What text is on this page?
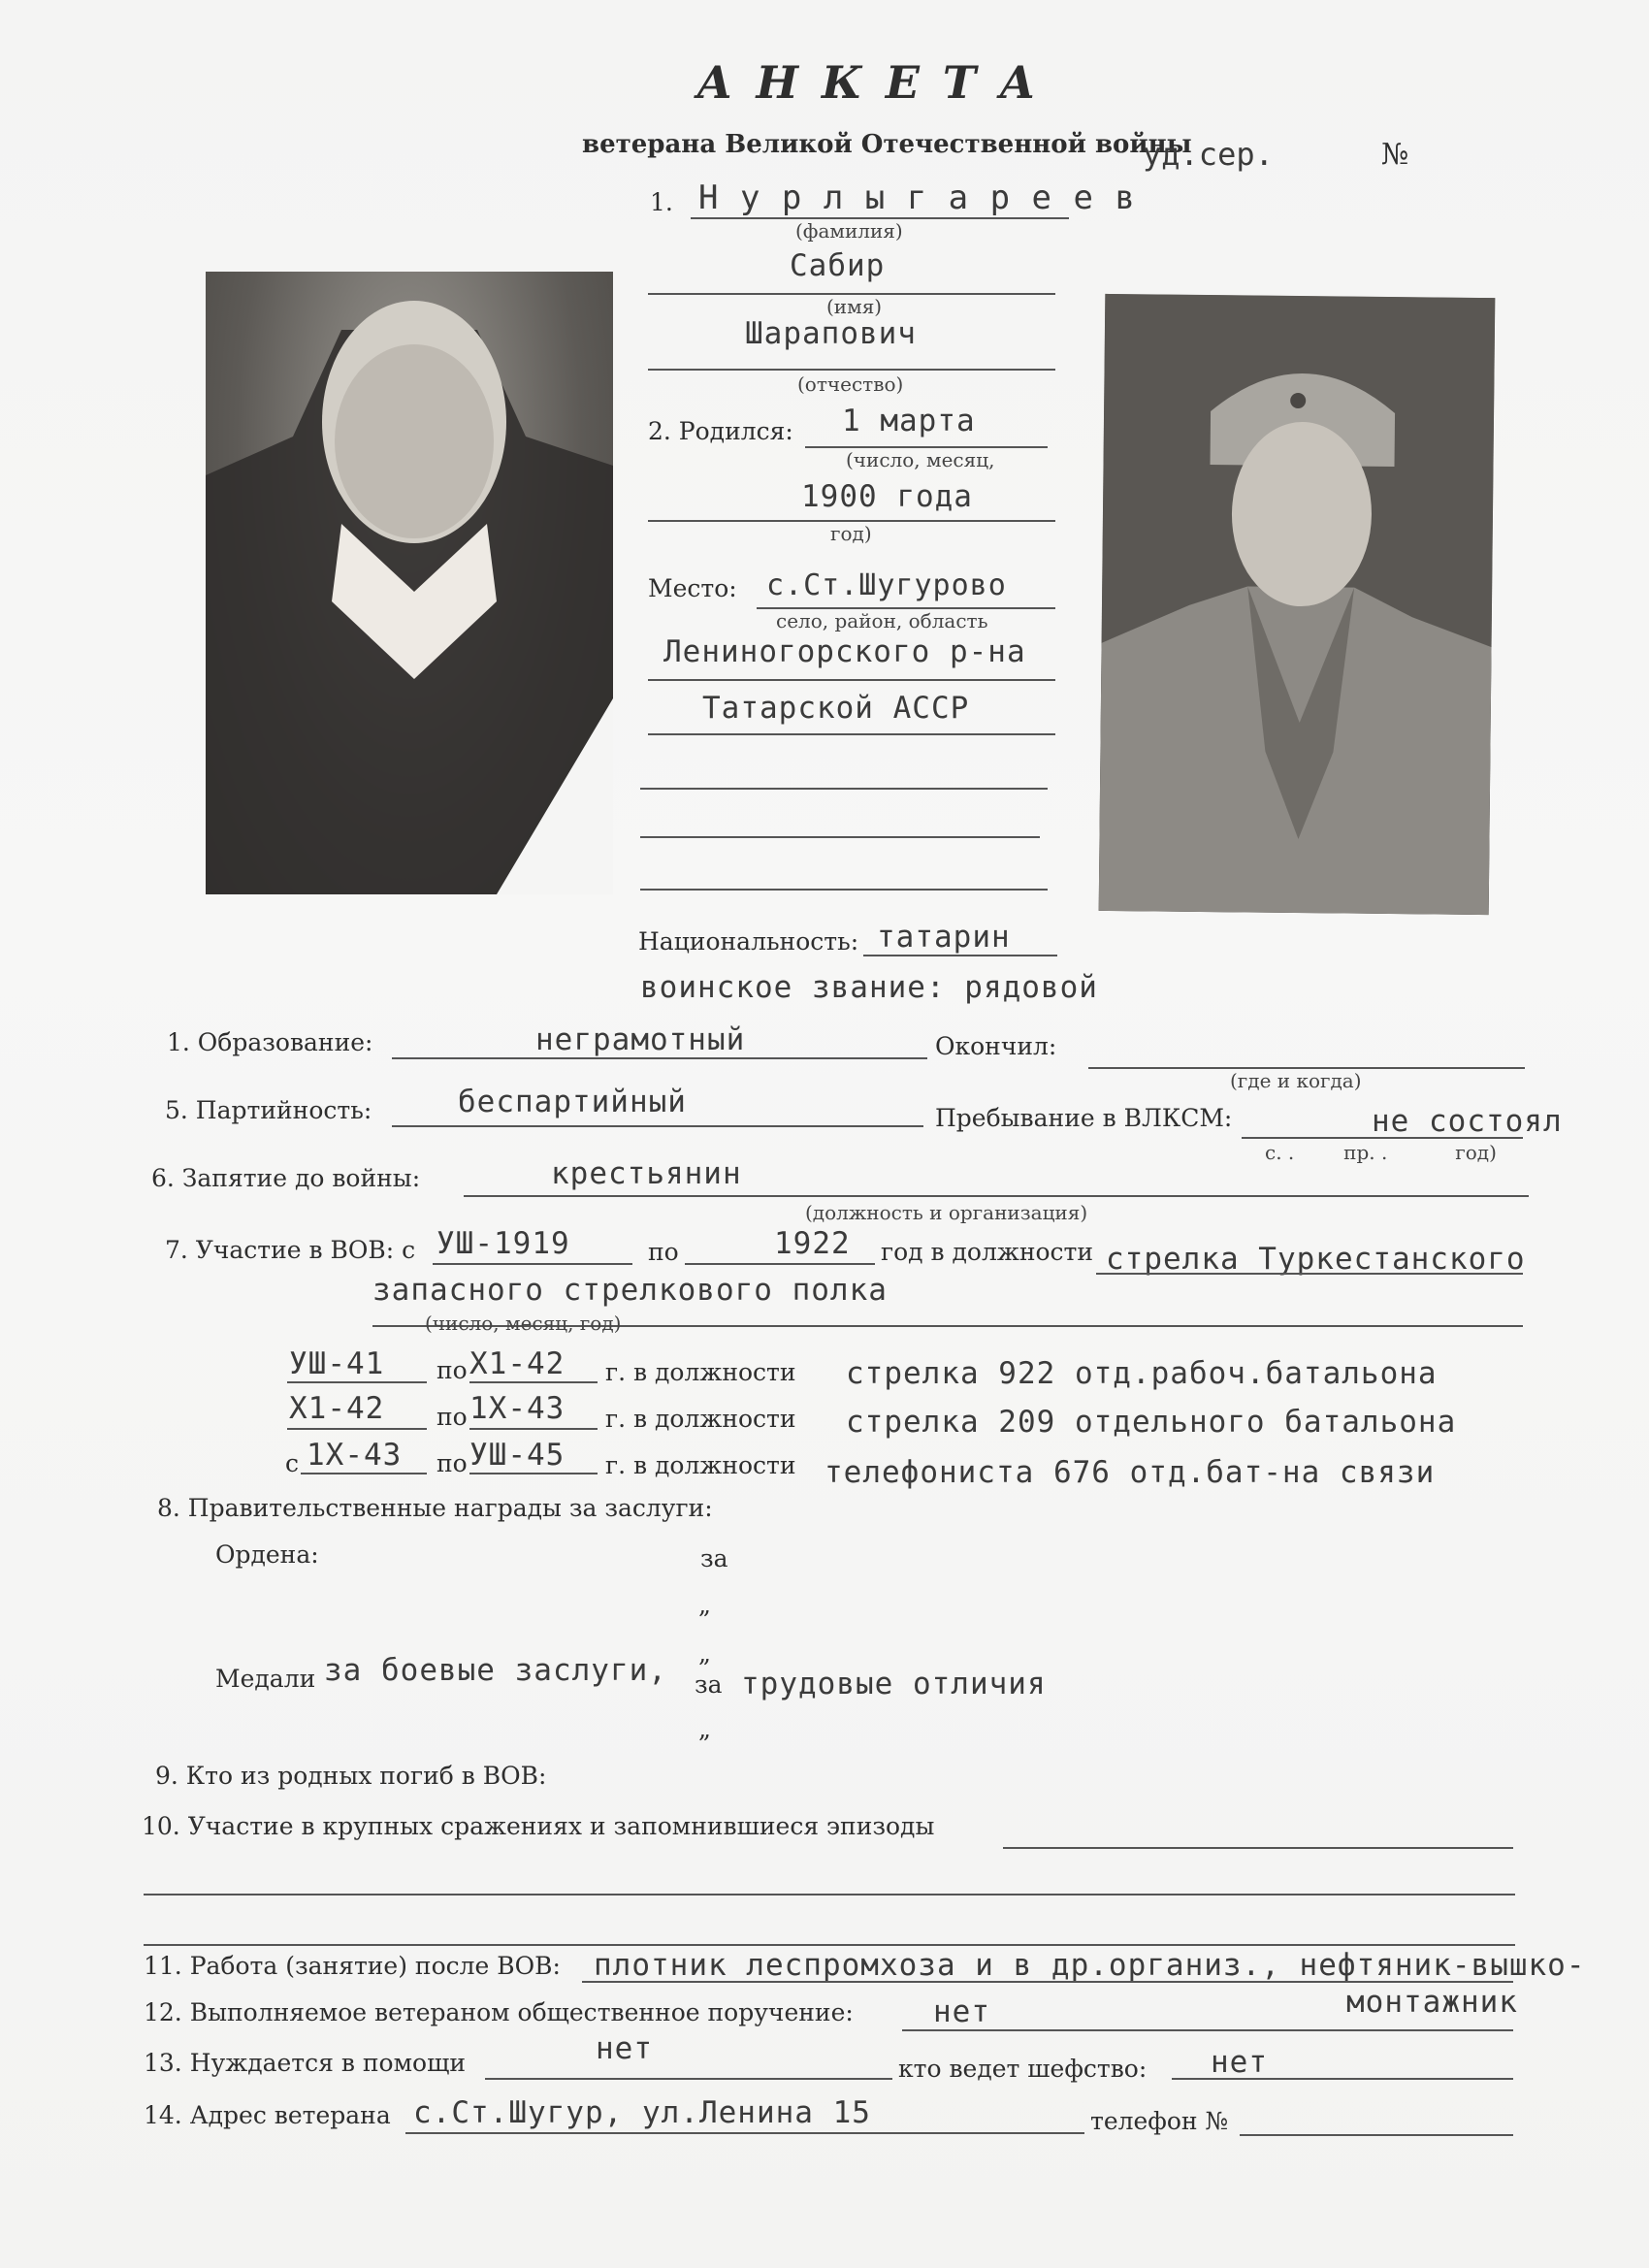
А Н К Е Т А
ветерана Великой Отечественной войны
уд.сер.	№
1. Н у р л ы г а р е е в
(фамилия)
Сабир
(имя)
Шарапович
(отчество)
2. Родился: 1 марта
(число, месяц,
1900 года
год)
Место: с.Ст.Шугурово
село, район, область
Лениногорского р-на
Татарской АССР
Национальность: татарин
воинское звание: рядовой
1. Образование:	неграмотный	Окончил:
(где и когда)
5. Партийность:	беспартийный	Пребывание в ВЛКСМ:	не состоял
с. .        пр. .           год)
6. Запятие до войны:	крестьянин
(должность и организация)
7. Участие в ВОВ: с УШ-1919	по	1922 год в должности стрелка Туркестанского
запасного стрелкового полка
(число, месяц, год)
УШ-41 по Х1-42 г. в должности стрелка 922 отд.рабоч.батальона
Х1-42 по 1Х-43 г. в должности стрелка 209 отдельного батальона
с 1Х-43 по УШ-45 г. в должности телефониста 676 отд.бат-на связи
8. Правительственные награды за заслуги:
Ордена:	за
„
„
Медали за боевые заслуги, за трудовые отличия
„
9. Кто из родных погиб в ВОВ:
10. Участие в крупных сражениях и запомнившиеся эпизоды
11. Работа (занятие) после ВОВ: плотник леспромхоза и в др.организ., нефтяник-вышко-
монтажник
12. Выполняемое ветераном общественное поручение:	нет
13. Нуждается в помощи	нет
кто ведет шефство: нет
14. Адрес ветерана с.Ст.Шугур, ул.Ленина 15	телефон №
